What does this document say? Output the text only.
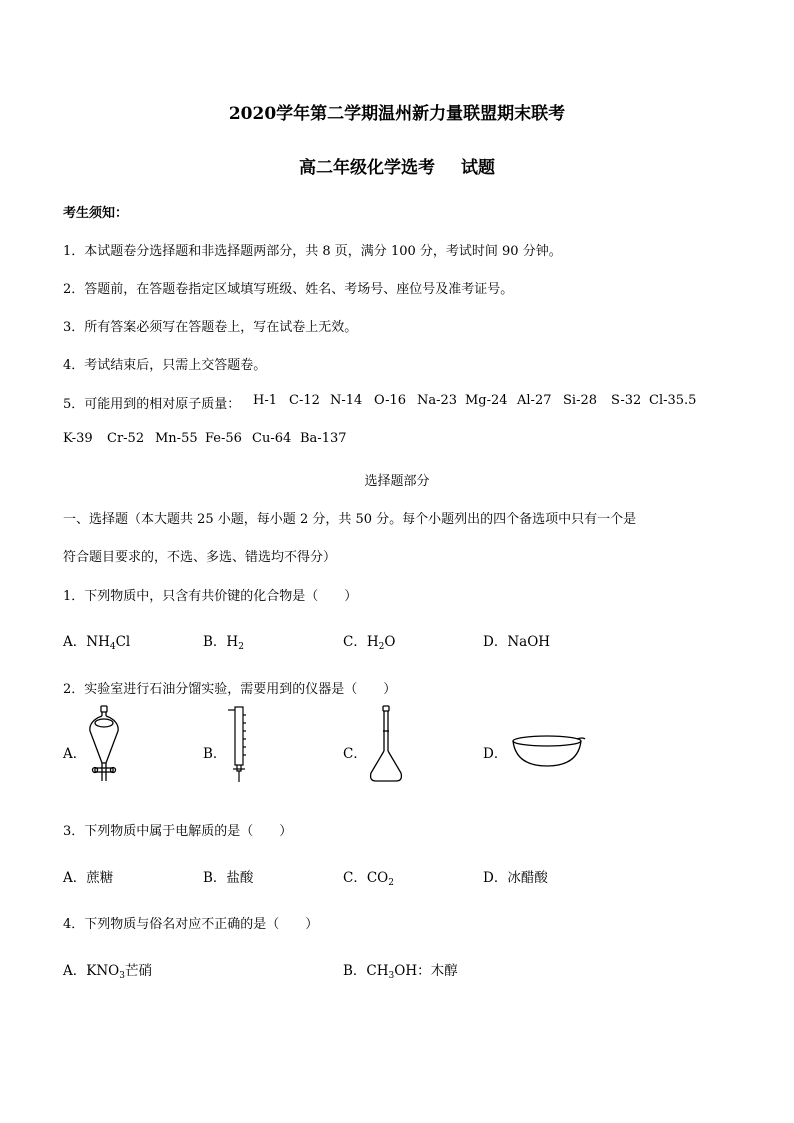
2020学年第二学期温州新力量联盟期末联考
高二年级化学选考 试题
考生须知：
1．本试题卷分选择题和非选择题两部分，共 8 页，满分 100 分，考试时间 90 分钟。
2．答题前，在答题卷指定区域填写班级、姓名、考场号、座位号及准考证号。
3．所有答案必须写在答题卷上，写在试卷上无效。
4．考试结束后，只需上交答题卷。
5．可能用到的相对原子质量： H-1 C-12 N-14 O-16 Na-23 Mg-24 Al-27 Si-28 S-32 Cl-35.5
K-39 Cr-52 Mn-55 Fe-56 Cu-64 Ba-137
选择题部分
一、选择题（本大题共 25 小题，每小题 2 分，共 50 分。每个小题列出的四个备选项中只有一个是
符合题目要求的，不选、多选、错选均不得分）
1．下列物质中，只含有共价键的化合物是（　　）
A．$NH_4Cl$	B．$H_2$	C．$H_2O$	D．NaOH
2．实验室进行石油分馏实验，需要用到的仪器是（　　）
A．	B．	C．	D．
3．下列物质中属于电解质的是（　　）
A．蔗糖	B．盐酸	C．$CO_2$	D．冰醋酸
4．下列物质与俗名对应不正确的是（　　）
A．$KNO_3$芒硝	B．$CH_3OH$：木醇
